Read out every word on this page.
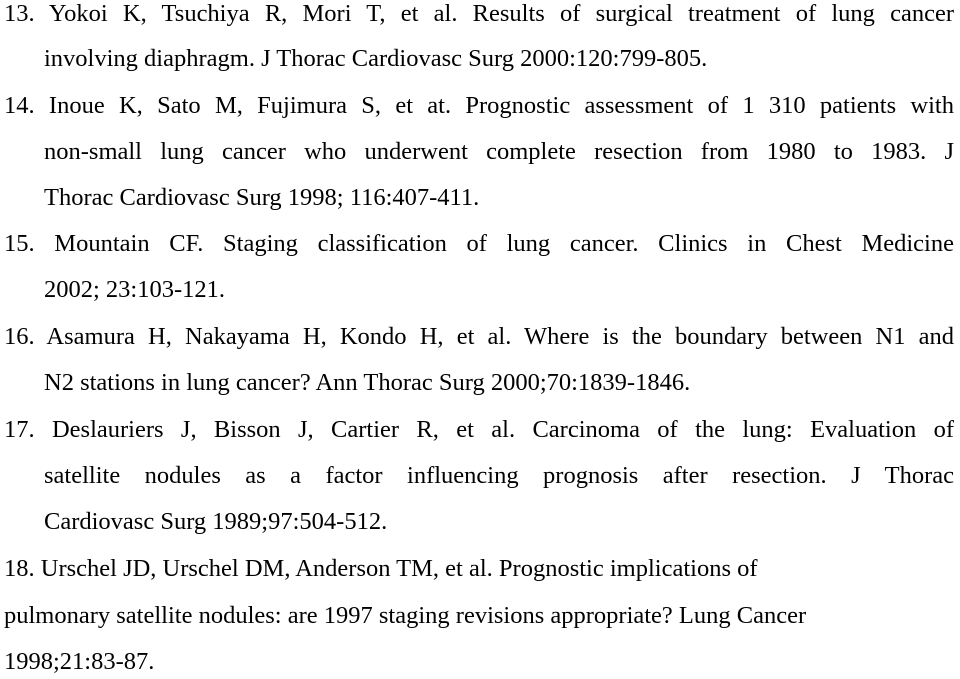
13. Yokoi K, Tsuchiya R, Mori T, et al. Results of surgical treatment of lung cancer
involving diaphragm. J Thorac Cardiovasc Surg 2000:120:799-805.
14. Inoue K, Sato M, Fujimura S, et at. Prognostic assessment of 1 310 patients with
non-small lung cancer who underwent complete resection from 1980 to 1983. J
Thorac Cardiovasc Surg 1998; 116:407-411.
15. Mountain CF. Staging classification of lung cancer. Clinics in Chest Medicine
2002; 23:103-121.
16. Asamura H, Nakayama H, Kondo H, et al. Where is the boundary between N1 and
N2 stations in lung cancer? Ann Thorac Surg 2000;70:1839-1846.
17. Deslauriers J, Bisson J, Cartier R, et al. Carcinoma of the lung: Evaluation of
satellite nodules as a factor influencing prognosis after resection. J Thorac
Cardiovasc Surg 1989;97:504-512.
18. Urschel JD, Urschel DM, Anderson TM, et al. Prognostic implications of
pulmonary satellite nodules: are 1997 staging revisions appropriate? Lung Cancer
1998;21:83-87.
